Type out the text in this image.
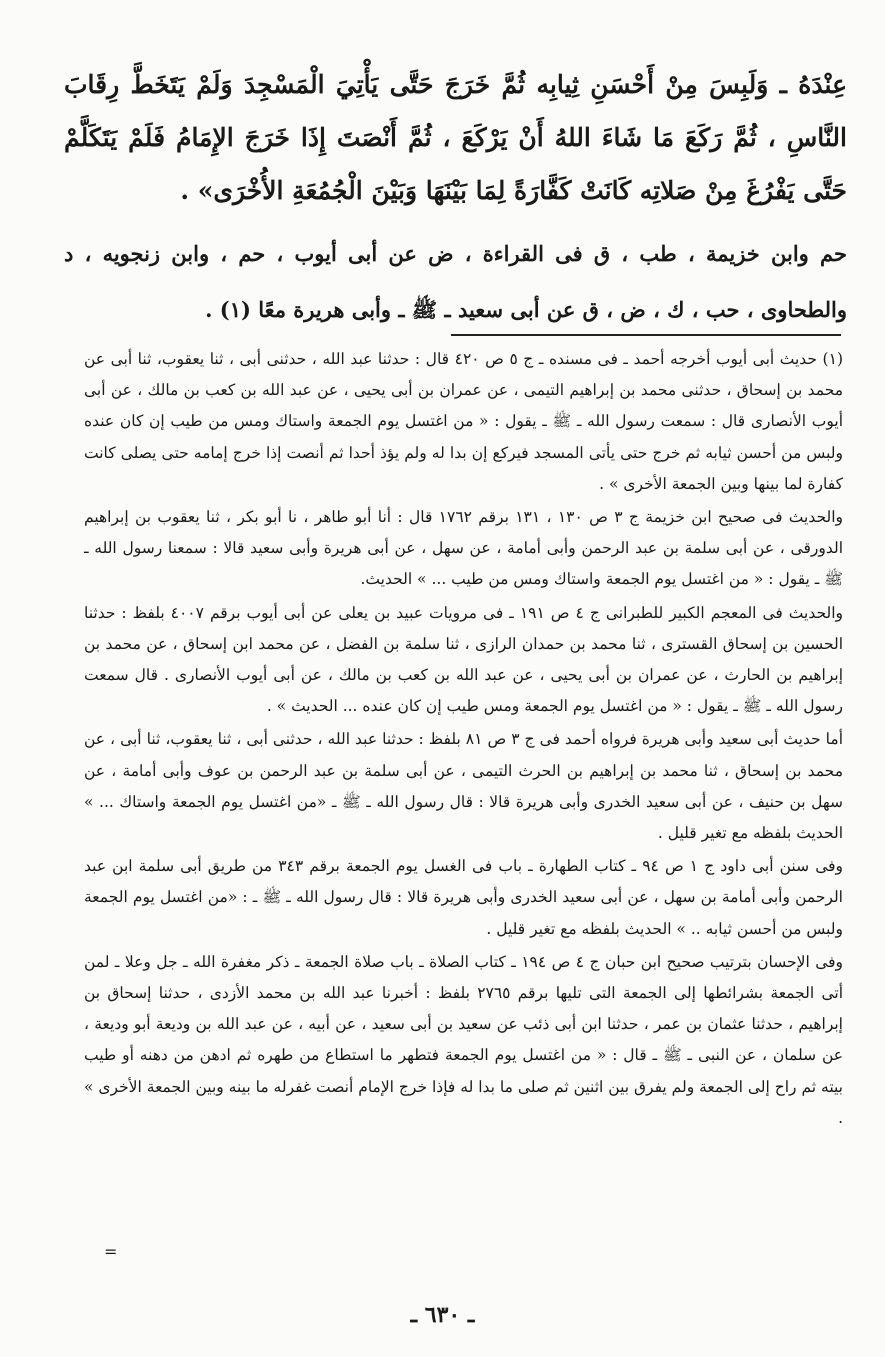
عِنْدَهُ ـ وَلَبِسَ مِنْ أَحْسَنِ ثِيابِه ثُمَّ خَرَجَ حَتَّى يَأْتِيَ الْمَسْجِدَ وَلَمْ يَتَخَطَّ رِقَابَ النَّاسِ ، ثُمَّ رَكَعَ مَا شَاءَ اللهُ أَنْ يَرْكَعَ ، ثُمَّ أَنْصَتَ إِذَا خَرَجَ الإِمَامُ فَلَمْ يَتَكَلَّمْ حَتَّى يَفْرُغَ مِنْ صَلاتِه كَانَتْ كَفَّارَةً لِمَا بَيْنَهَا وَبَيْنَ الْجُمُعَةِ الأُخْرَى» .

حم وابن خزيمة ، طب ، ق فى القراءة ، ض عن أبى أيوب ، حم ، وابن زنجويه ، د والطحاوى ، حب ، ك ، ض ، ق عن أبى سعيد ـ ﷺ ـ وأبى هريرة معًا (١) .

(١) حديث أبى أيوب أخرجه أحمد ـ فى مسنده ـ ج ٥ ص ٤٢٠ قال : حدثنا عبد الله ، حدثنى أبى ، ثنا يعقوب، ثنا أبى عن محمد بن إسحاق ، حدثنى محمد بن إبراهيم التيمى ، عن عمران بن أبى يحيى ، عن عبد الله بن كعب بن مالك ، عن أبى أيوب الأنصارى قال : سمعت رسول الله ـ ﷺ ـ يقول : « من اغتسل يوم الجمعة واستاك ومس من طيب إن كان عنده ولبس من أحسن ثيابه ثم خرج حتى يأتى المسجد فيركع إن بدا له ولم يؤذ أحدا ثم أنصت إذا خرج إمامه حتى يصلى كانت كفارة لما بينها وبين الجمعة الأخرى » .

والحديث فى صحيح ابن خزيمة ج ٣ ص ١٣٠ ، ١٣١ برقم ١٧٦٢ قال : أنا أبو طاهر ، نا أبو بكر ، ثنا يعقوب بن إبراهيم الدورقى ، عن أبى سلمة بن عبد الرحمن وأبى أمامة ، عن سهل ، عن أبى هريرة وأبى سعيد قالا : سمعنا رسول الله ـ ﷺ ـ يقول : « من اغتسل يوم الجمعة واستاك ومس من طيب ... » الحديث.

والحديث فى المعجم الكبير للطبرانى ج ٤ ص ١٩١ ـ فى مرويات عبيد بن يعلى عن أبى أيوب برقم ٤٠٠٧ بلفظ : حدثنا الحسين بن إسحاق القسترى ، ثنا محمد بن حمدان الرازى ، ثنا سلمة بن الفضل ، عن محمد ابن إسحاق ، عن محمد بن إبراهيم بن الحارث ، عن عمران بن أبى يحيى ، عن عبد الله بن كعب بن مالك ، عن أبى أيوب الأنصارى . قال سمعت رسول الله ـ ﷺ ـ يقول : « من اغتسل يوم الجمعة ومس طيب إن كان عنده ... الحديث » .

أما حديث أبى سعيد وأبى هريرة فرواه أحمد فى ج ٣ ص ٨١ بلفظ : حدثنا عبد الله ، حدثنى أبى ، ثنا يعقوب، ثنا أبى ، عن محمد بن إسحاق ، ثنا محمد بن إبراهيم بن الحرث التيمى ، عن أبى سلمة بن عبد الرحمن بن عوف وأبى أمامة ، عن سهل بن حنيف ، عن أبى سعيد الخدرى وأبى هريرة قالا : قال رسول الله ـ ﷺ ـ «من اغتسل يوم الجمعة واستاك ... » الحديث بلفظه مع تغير قليل .

وفى سنن أبى داود ج ١ ص ٩٤ ـ كتاب الطهارة ـ باب فى الغسل يوم الجمعة برقم ٣٤٣ من طريق أبى سلمة ابن عبد الرحمن وأبى أمامة بن سهل ، عن أبى سعيد الخدرى وأبى هريرة قالا : قال رسول الله ـ ﷺ ـ : «من اغتسل يوم الجمعة ولبس من أحسن ثيابه .. » الحديث بلفظه مع تغير قليل .

وفى الإحسان بترتيب صحيح ابن حبان ج ٤ ص ١٩٤ ـ كتاب الصلاة ـ باب صلاة الجمعة ـ ذكر مغفرة الله ـ جل وعلا ـ لمن أتى الجمعة بشرائطها إلى الجمعة التى تليها برقم ٢٧٦٥ بلفظ : أخبرنا عبد الله بن محمد الأزدى ، حدثنا إسحاق بن إبراهيم ، حدثنا عثمان بن عمر ، حدثنا ابن أبى ذئب عن سعيد بن أبى سعيد ، عن أبيه ، عن عبد الله بن وديعة أبو وديعة ، عن سلمان ، عن النبى ـ ﷺ ـ قال : « من اغتسل يوم الجمعة فتطهر ما استطاع من طهره ثم ادهن من دهنه أو طيب بيته ثم راح إلى الجمعة ولم يفرق بين اثنين ثم صلى ما بدا له فإذا خرج الإمام أنصت غفرله ما بينه وبين الجمعة الأخرى » .

=
ـ ٦٣٠ ـ
